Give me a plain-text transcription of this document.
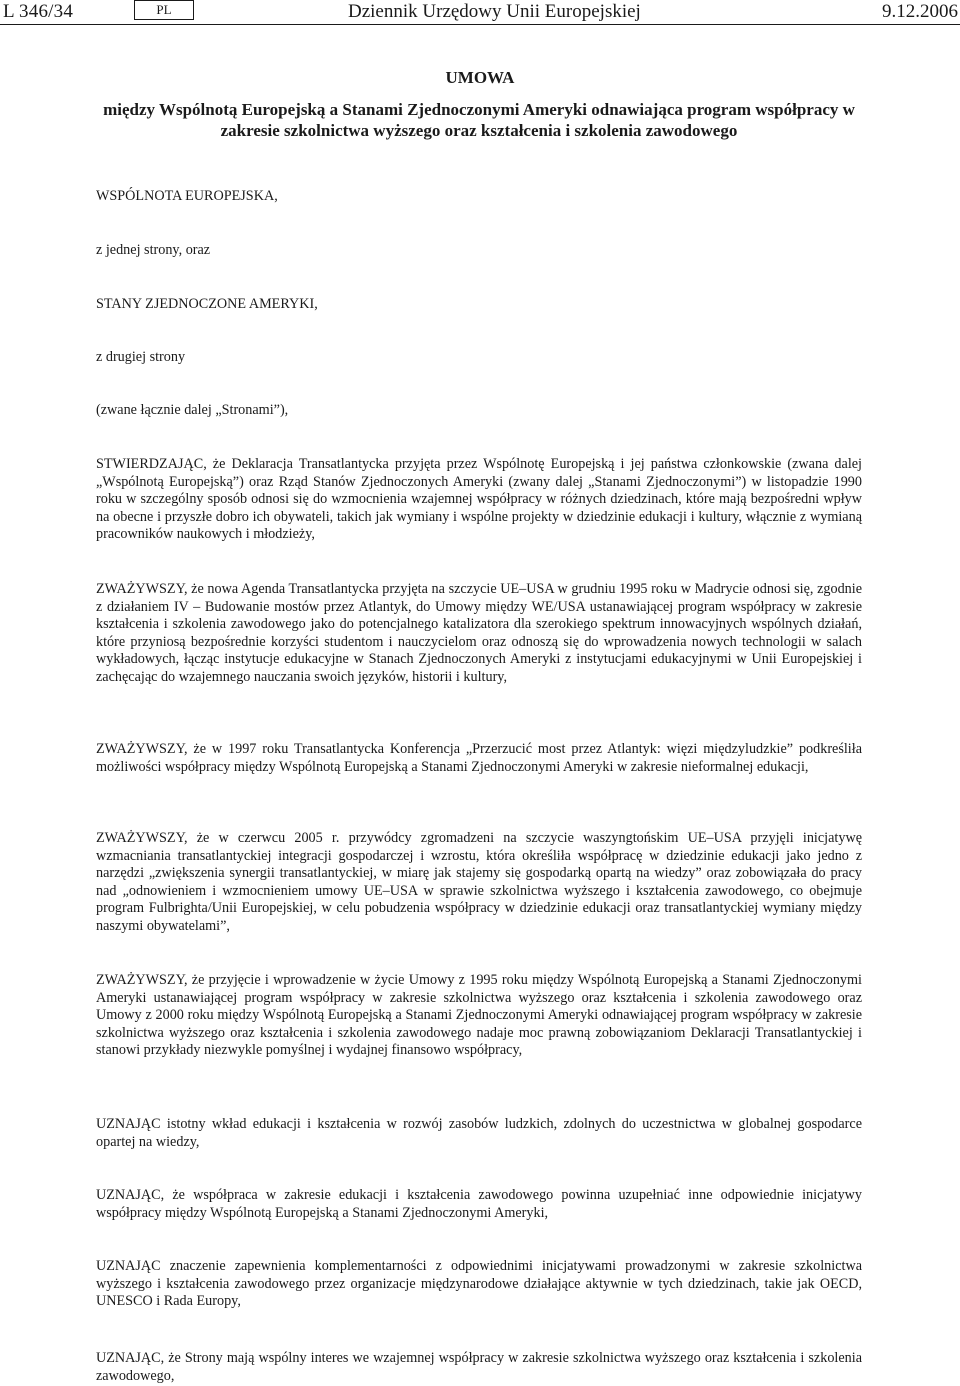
L 346/34	PL	Dziennik Urzędowy Unii Europejskiej	9.12.2006
UMOWA
między Wspólnotą Europejską a Stanami Zjednoczonymi Ameryki odnawiająca program współpracy w zakresie szkolnictwa wyższego oraz kształcenia i szkolenia zawodowego

WSPÓLNOTA EUROPEJSKA,

z jednej strony, oraz

STANY ZJEDNOCZONE AMERYKI,

z drugiej strony

(zwane łącznie dalej „Stronami”),

STWIERDZAJĄC, że Deklaracja Transatlantycka przyjęta przez Wspólnotę Europejską i jej państwa członkowskie (zwana dalej „Wspólnotą Europejską”) oraz Rząd Stanów Zjednoczonych Ameryki (zwany dalej „Stanami Zjednoczonymi”) w listopadzie 1990 roku w szczególny sposób odnosi się do wzmocnienia wzajemnej współpracy w różnych dziedzinach, które mają bezpośredni wpływ na obecne i przyszłe dobro ich obywateli, takich jak wymiany i wspólne projekty w dziedzinie edukacji i kultury, włącznie z wymianą pracowników naukowych i młodzieży,

ZWAŻYWSZY, że nowa Agenda Transatlantycka przyjęta na szczycie UE–USA w grudniu 1995 roku w Madrycie odnosi się, zgodnie z działaniem IV – Budowanie mostów przez Atlantyk, do Umowy między WE/USA ustanawiającej program współpracy w zakresie kształcenia i szkolenia zawodowego jako do potencjalnego katalizatora dla szerokiego spektrum innowacyjnych wspólnych działań, które przyniosą bezpośrednie korzyści studentom i nauczycielom oraz odnoszą się do wprowadzenia nowych technologii w salach wykładowych, łącząc instytucje edukacyjne w Stanach Zjednoczonych Ameryki z instytucjami edukacyjnymi w Unii Europejskiej i zachęcając do wzajemnego nauczania swoich języków, historii i kultury,

ZWAŻYWSZY, że w 1997 roku Transatlantycka Konferencja „Przerzucić most przez Atlantyk: więzi międzyludzkie” podkreśliła możliwości współpracy między Wspólnotą Europejską a Stanami Zjednoczonymi Ameryki w zakresie nieformalnej edukacji,

ZWAŻYWSZY, że w czerwcu 2005 r. przywódcy zgromadzeni na szczycie waszyngtońskim UE–USA przyjęli inicjatywę wzmacniania transatlantyckiej integracji gospodarczej i wzrostu, która określiła współpracę w dziedzinie edukacji jako jedno z narzędzi „zwiększenia synergii transatlantyckiej, w miarę jak stajemy się gospodarką opartą na wiedzy” oraz zobowiązała do pracy nad „odnowieniem i wzmocnieniem umowy UE–USA w sprawie szkolnictwa wyższego i kształcenia zawodowego, co obejmuje program Fulbrighta/Unii Europejskiej, w celu pobudzenia współpracy w dziedzinie edukacji oraz transatlantyckiej wymiany między naszymi obywatelami”,

ZWAŻYWSZY, że przyjęcie i wprowadzenie w życie Umowy z 1995 roku między Wspólnotą Europejską a Stanami Zjednoczonymi Ameryki ustanawiającej program współpracy w zakresie szkolnictwa wyższego oraz kształcenia i szkolenia zawodowego oraz Umowy z 2000 roku między Wspólnotą Europejską a Stanami Zjednoczonymi Ameryki odnawiającej program współpracy w zakresie szkolnictwa wyższego oraz kształcenia i szkolenia zawodowego nadaje moc prawną zobowiązaniom Deklaracji Transatlantyckiej i stanowi przykłady niezwykle pomyślnej i wydajnej finansowo współpracy,

UZNAJĄC istotny wkład edukacji i kształcenia w rozwój zasobów ludzkich, zdolnych do uczestnictwa w globalnej gospodarce opartej na wiedzy,

UZNAJĄC, że współpraca w zakresie edukacji i kształcenia zawodowego powinna uzupełniać inne odpowiednie inicjatywy współpracy między Wspólnotą Europejską a Stanami Zjednoczonymi Ameryki,

UZNAJĄC znaczenie zapewnienia komplementarności z odpowiednimi inicjatywami prowadzonymi w zakresie szkolnictwa wyższego i kształcenia zawodowego przez organizacje międzynarodowe działające aktywnie w tych dziedzinach, takie jak OECD, UNESCO i Rada Europy,

UZNAJĄC, że Strony mają wspólny interes we wzajemnej współpracy w zakresie szkolnictwa wyższego oraz kształcenia i szkolenia zawodowego,
